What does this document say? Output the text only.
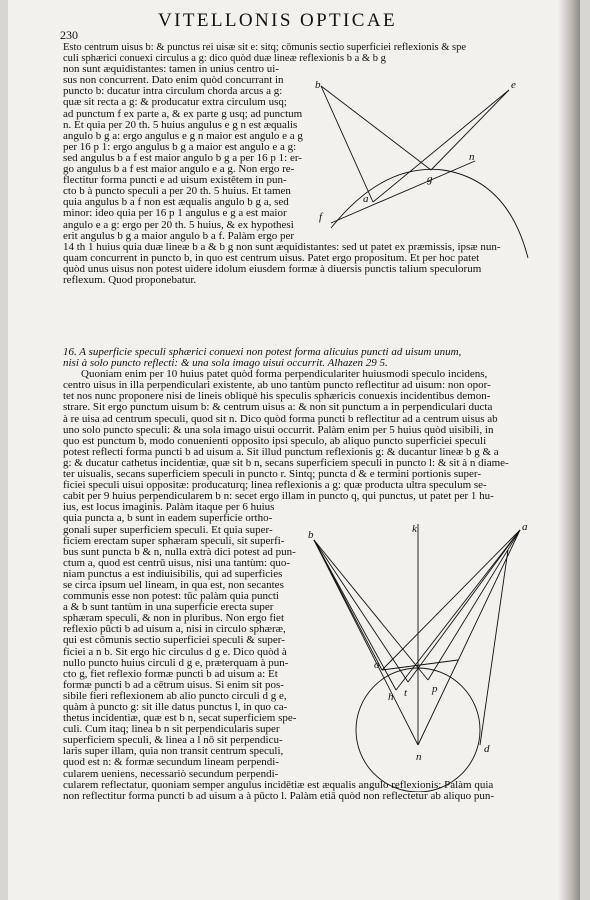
VITELLONIS OPTICAE
230

Esto centrum uisus b: & punctus rei uisæ sit e: sitq; cōmunis sectio superficiei reflexionis & spe

culi sphærici conuexi circulus a g: dico quòd duæ lineæ reflexionis b a & b g

non sunt æquidistantes: tamen in unius centro ui-

sus non concurrent. Dato enim quòd concurrant in

puncto b: ducatur intra circulum chorda arcus a g:

quæ sit recta a g: & producatur extra circulum usq;

ad punctum f ex parte a, & ex parte g usq; ad punctum

n. Et quia per 20 th. 5 huius angulus e g n est æqualis

angulo b g a: ergo angulus e g n maior est angulo e a g

per 16 p 1: ergo angulus b g a maior est angulo e a g:

sed angulus b a f est maior angulo b g a per 16 p 1: er-

go angulus b a f est maior angulo e a g. Non ergo re-

flectitur forma puncti e ad uisum existētem in pun-

cto b à puncto speculi a per 20 th. 5 huius. Et tamen

quia angulus b a f non est æqualis angulo b g a, sed

minor: ideo quia per 16 p 1 angulus e g a est maior

angulo e a g: ergo per 20 th. 5 huius, & ex hypothesi

erit angulus b g a maior angulo b a f. Palàm ergo per

14 th 1 huius quia duæ lineæ b a & b g non sunt æquidistantes: sed ut patet ex præmissis, ipsæ nun-

quam concurrent in puncto b, in quo est centrum uisus. Patet ergo propositum. Et per hoc patet

quòd unus uisus non potest uidere idolum eiusdem formæ à diuersis punctis talium speculorum

reflexum. Quod proponebatur.

b	e
n
a
g
f

16. A superficie speculi sphærici conuexi non potest forma alicuius puncti ad uisum unum,

nisi à solo puncto reflecti: & una sola imago uisui occurrit. Alhazen 29 5.

Quoniam enim per 10 huius patet quòd forma perpendiculariter huiusmodi speculo incidens,

centro uisus in illa perpendiculari existente, ab uno tantùm puncto reflectitur ad uisum: non opor-

tet nos nunc proponere nisi de lineis obliquè his speculis sphæricis conuexis incidentibus demon-

strare. Sit ergo punctum uisum b: & centrum uisus a: & non sit punctum a in perpendiculari ducta

à re uisa ad centrum speculi, quod sit n. Dico quòd forma puncti b reflectitur ad a centrum uisus ab

uno solo puncto speculi: & una sola imago uisui occurrit. Palàm enim per 5 huius quòd uisibili, in

quo est punctum b, modo conuenienti opposito ipsi speculo, ab aliquo puncto superficiei speculi

potest reflecti forma puncti b ad uisum a. Sit illud punctum reflexionis g: & ducantur lineæ b g & a

g: & ducatur cathetus incidentiæ, quæ sit b n, secans superficiem speculi in puncto l: & sit à n diame-

ter uisualis, secans superficiem speculi in puncto r. Sintq; puncta d & e termini portionis super-

ficiei speculi uisui oppositæ: producaturq; linea reflexionis a g: quæ producta ultra speculum se-

cabit per 9 huius perpendicularem b n: secet ergo illam in puncto q, qui punctus, ut patet per 1 hu-

ius, est locus imaginis. Palàm itaque per 6 huius

quia puncta a, b sunt in eadem superficie ortho-

gonali super superficiem speculi. Et quia super-

ficiem erectam super sphæram speculi, sit superfi-

bus sunt puncta b & n, nulla extrà dici potest ad pun-

ctum a, quod est centrū uisus, nisi una tantùm: quo-

niam punctus a est indiuisibilis, qui ad superficies

se circa ipsum uel lineam, in qua est, non secantes

communis esse non potest: tūc palàm quia puncti

a & b sunt tantùm in una superficie erecta super

sphæram speculi, & non in pluribus. Non ergo fiet

reflexio pūcti b ad uisum a, nisi in circulo sphæræ,

qui est cōmunis sectio superficiei speculi & super-

ficiei a n b. Sit ergo hic circulus d g e. Dico quòd à

nullo puncto huius circuli d g e, præterquam à pun-

cto g, fiet reflexio formæ puncti b ad uisum a: Et

formæ puncti b ad a cētrum uisus. Si enim sit pos-

sibile fieri reflexionem ab alio puncto circuli d g e,

quàm à puncto g: sit ille datus punctus l, in quo ca-

thetus incidentiæ, quæ est b n, secat superficiem spe-

culi. Cum itaq; linea b n sit perpendicularis super

superficiem speculi, & linea a l nō sit perpendicu-

laris super illam, quia non transit centrum speculi,

quod est n: & formæ secundum lineam perpendi-

cularem ueniens, necessariò secundum perpendi-

cularem reflectatur, quoniam semper angulus incidētiæ est æqualis angulo reflexionis: Palàm quia

non reflectitur forma puncti b ad uisum a à pūcto l. Palàm etiā quòd non reflectetur ab aliquo pun-

b	k	a
o
h t p
n
d
